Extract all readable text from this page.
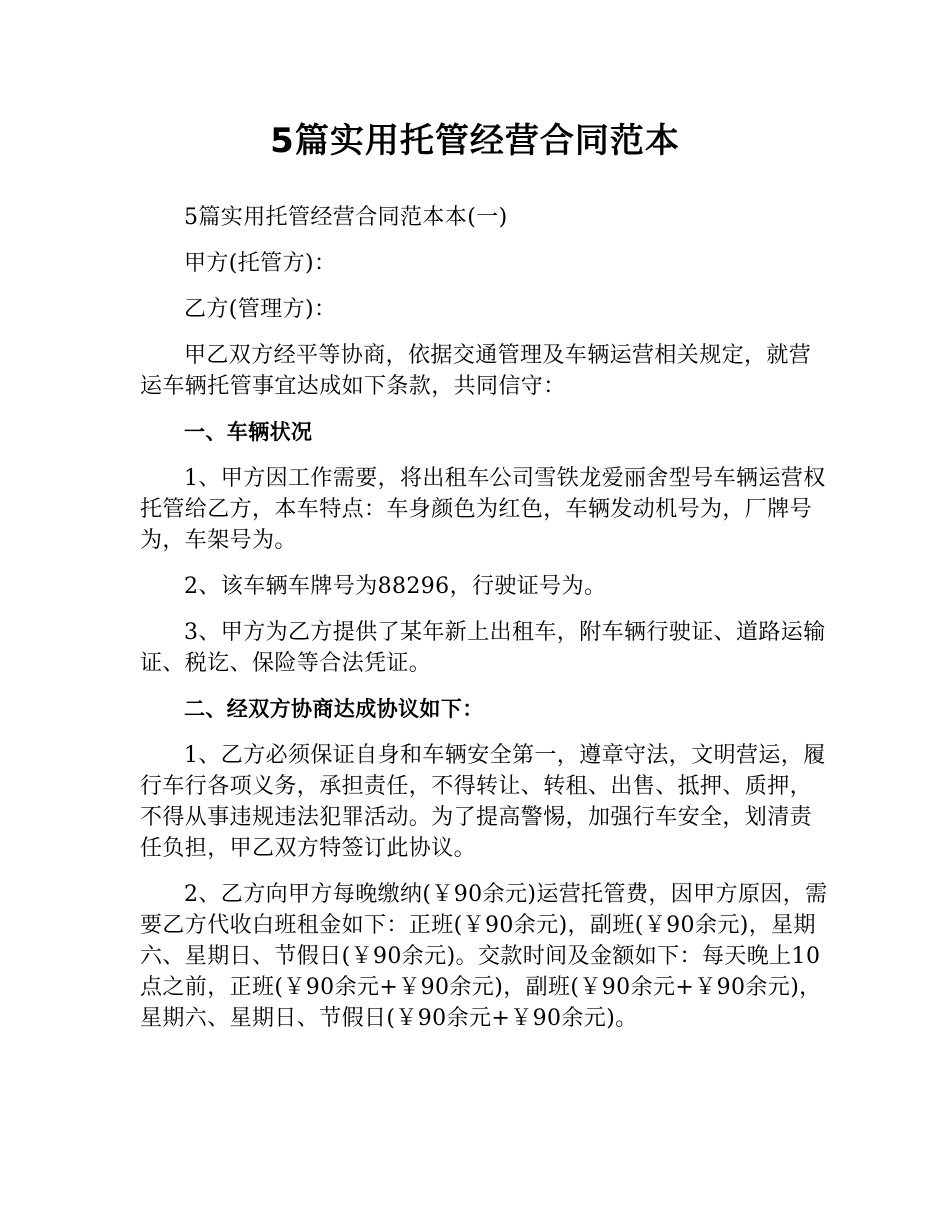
5篇实用托管经营合同范本

5篇实用托管经营合同范本本(一)

甲方(托管方)：

乙方(管理方)：

甲乙双方经平等协商，依据交通管理及车辆运营相关规定，就营运车辆托管事宜达成如下条款，共同信守：

一、车辆状况

1、甲方因工作需要，将出租车公司雪铁龙爱丽舍型号车辆运营权托管给乙方，本车特点：车身颜色为红色，车辆发动机号为，厂牌号为，车架号为。

2、该车辆车牌号为88296，行驶证号为。

3、甲方为乙方提供了某年新上出租车，附车辆行驶证、道路运输证、税讫、保险等合法凭证。

二、经双方协商达成协议如下：

1、乙方必须保证自身和车辆安全第一，遵章守法，文明营运，履行车行各项义务，承担责任，不得转让、转租、出售、抵押、质押，不得从事违规违法犯罪活动。为了提高警惕，加强行车安全，划清责任负担，甲乙双方特签订此协议。

2、乙方向甲方每晚缴纳(￥90余元)运营托管费，因甲方原因，需要乙方代收白班租金如下：正班(￥90余元)，副班(￥90余元)，星期六、星期日、节假日(￥90余元)。交款时间及金额如下：每天晚上10点之前，正班(￥90余元+￥90余元)，副班(￥90余元+￥90余元)，星期六、星期日、节假日(￥90余元+￥90余元)。
